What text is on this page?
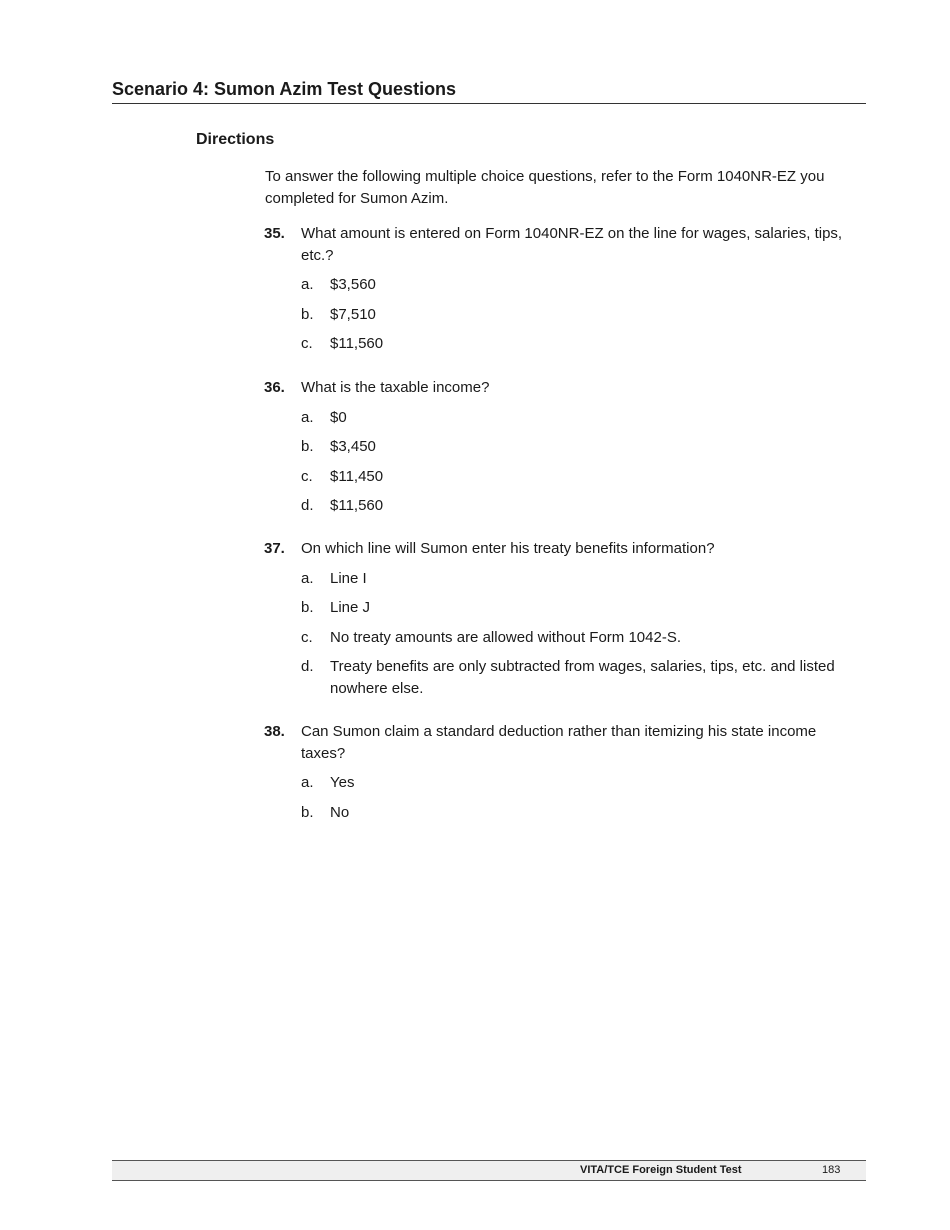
Scenario 4: Sumon Azim Test Questions
Directions
To answer the following multiple choice questions, refer to the Form 1040NR-EZ you completed for Sumon Azim.
35.	What amount is entered on Form 1040NR-EZ on the line for wages, salaries, tips, etc.?
a.	$3,560
b.	$7,510
c.	$11,560
36.	What is the taxable income?
a.	$0
b.	$3,450
c.	$11,450
d.	$11,560
37.	On which line will Sumon enter his treaty benefits information?
a.	Line I
b.	Line J
c.	No treaty amounts are allowed without Form 1042-S.
d.	Treaty benefits are only subtracted from wages, salaries, tips, etc. and listed nowhere else.
38.	Can Sumon claim a standard deduction rather than itemizing his state income taxes?
a.	Yes
b.	No
VITA/TCE Foreign Student Test	183
